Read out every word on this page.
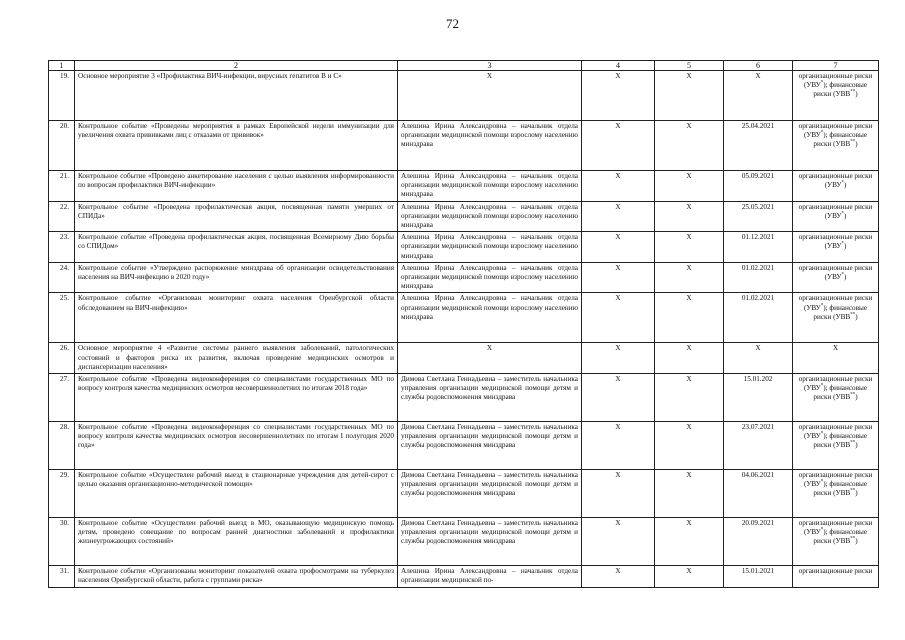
72
1	2	3	4	5	6	7
19.	Основное мероприятие 3 «Профилактика ВИЧ-инфекции, вирусных гепатитов В и С»	X	X	X	X	организационные риски (УВУ*); финансовые риски (УВВ**)
20.	Контрольное событие «Проведены мероприятия в рамках Европейской недели иммунизации для увеличения охвата прививками лиц с отказами от прививок»	Алешина Ирина Александровна – начальник отдела организации медицинской помощи взрослому населению минздрава	X	X	25.04.2021	организационные риски (УВУ*); финансовые риски (УВВ**)
21.	Контрольное событие «Проведено анкетирование населения с целью выявления информированности по вопросам профилактики ВИЧ-инфекции»	Алешина Ирина Александровна – начальник отдела организации медицинской помощи взрослому населению минздрава	X	X	05.09.2021	организационные риски (УВУ*)
22.	Контрольное событие «Проведена профилактическая акция, посвященная памяти умерших от СПИДа»	Алешина Ирина Александровна – начальник отдела организации медицинской помощи взрослому населению минздрава	X	X	25.05.2021	организационные риски (УВУ*)
23.	Контрольное событие «Проведена профилактическая акция, посвященная Всемирному Дню борьбы со СПИДом»	Алешина Ирина Александровна – начальник отдела организации медицинской помощи взрослому населению минздрава	X	X	01.12.2021	организационные риски (УВУ*)
24.	Контрольное событие «Утверждено распоряжение минздрава об организации освидетельствования населения на ВИЧ-инфекцию в 2020 году»	Алешина Ирина Александровна – начальник отдела организации медицинской помощи взрослому населению минздрава	X	X	01.02.2021	организационные риски (УВУ*)
25.	Контрольное событие «Организован мониторинг охвата населения Оренбургской области обследованием на ВИЧ-инфекцию»	Алешина Ирина Александровна – начальник отдела организации медицинской помощи взрослому населению минздрава	X	X	01.02.2021	организационные риски (УВУ*); финансовые риски (УВВ**)
26.	Основное мероприятие 4 «Развитие системы раннего выявления заболеваний, патологических состояний и факторов риска их развития, включая проведение медицинских осмотров и диспансеризации населения»	X	X	X	X	X
27.	Контрольное событие «Проведена видеоконференция со специалистами государственных МО по вопросу контроля качества медицинских осмотров несовершеннолетних по итогам 2018 года»	Димова Светлана Геннадьевна – заместитель начальника управления организации медицинской помощи детям и службы родовспоможения минздрава	X	X	15.01.202	организационные риски (УВУ*); финансовые риски (УВВ**)
28.	Контрольное событие «Проведена видеоконференция со специалистами государственных МО по вопросу контроля качества медицинских осмотров несовершеннолетних по итогам I полугодия 2020 года»	Димова Светлана Геннадьевна – заместитель начальника управления организации медицинской помощи детям и службы родовспоможения минздрава	X	X	23.07.2021	организационные риски (УВУ*); финансовые риски (УВВ**)
29.	Контрольное событие «Осуществлен рабочий выезд в стационарные учреждения для детей-сирот с целью оказания организационно-методической помощи»	Димова Светлана Геннадьевна – заместитель начальника управления организации медицинской помощи детям и службы родовспоможения минздрава	X	X	04.06.2021	организационные риски (УВУ*); финансовые риски (УВВ**)
30.	Контрольное событие «Осуществлен рабочий выезд в МО, оказывающую медицинскую помощь детям, проведено совещание по вопросам ранней диагностики заболеваний и профилактики жизнеугрожающих состояний»	Димова Светлана Геннадьевна – заместитель начальника управления организации медицинской помощи детям и службы родовспоможения минздрава	X	X	20.09.2021	организационные риски (УВУ*); финансовые риски (УВВ**)
31.	Контрольное событие «Организованы мониторинг показателей охвата профосмотрами на туберкулез населения Оренбургской области, работа с группами риска»	Алешина Ирина Александровна – начальник отдела организации медицинской по-	X	X	15.01.2021	организационные риски
